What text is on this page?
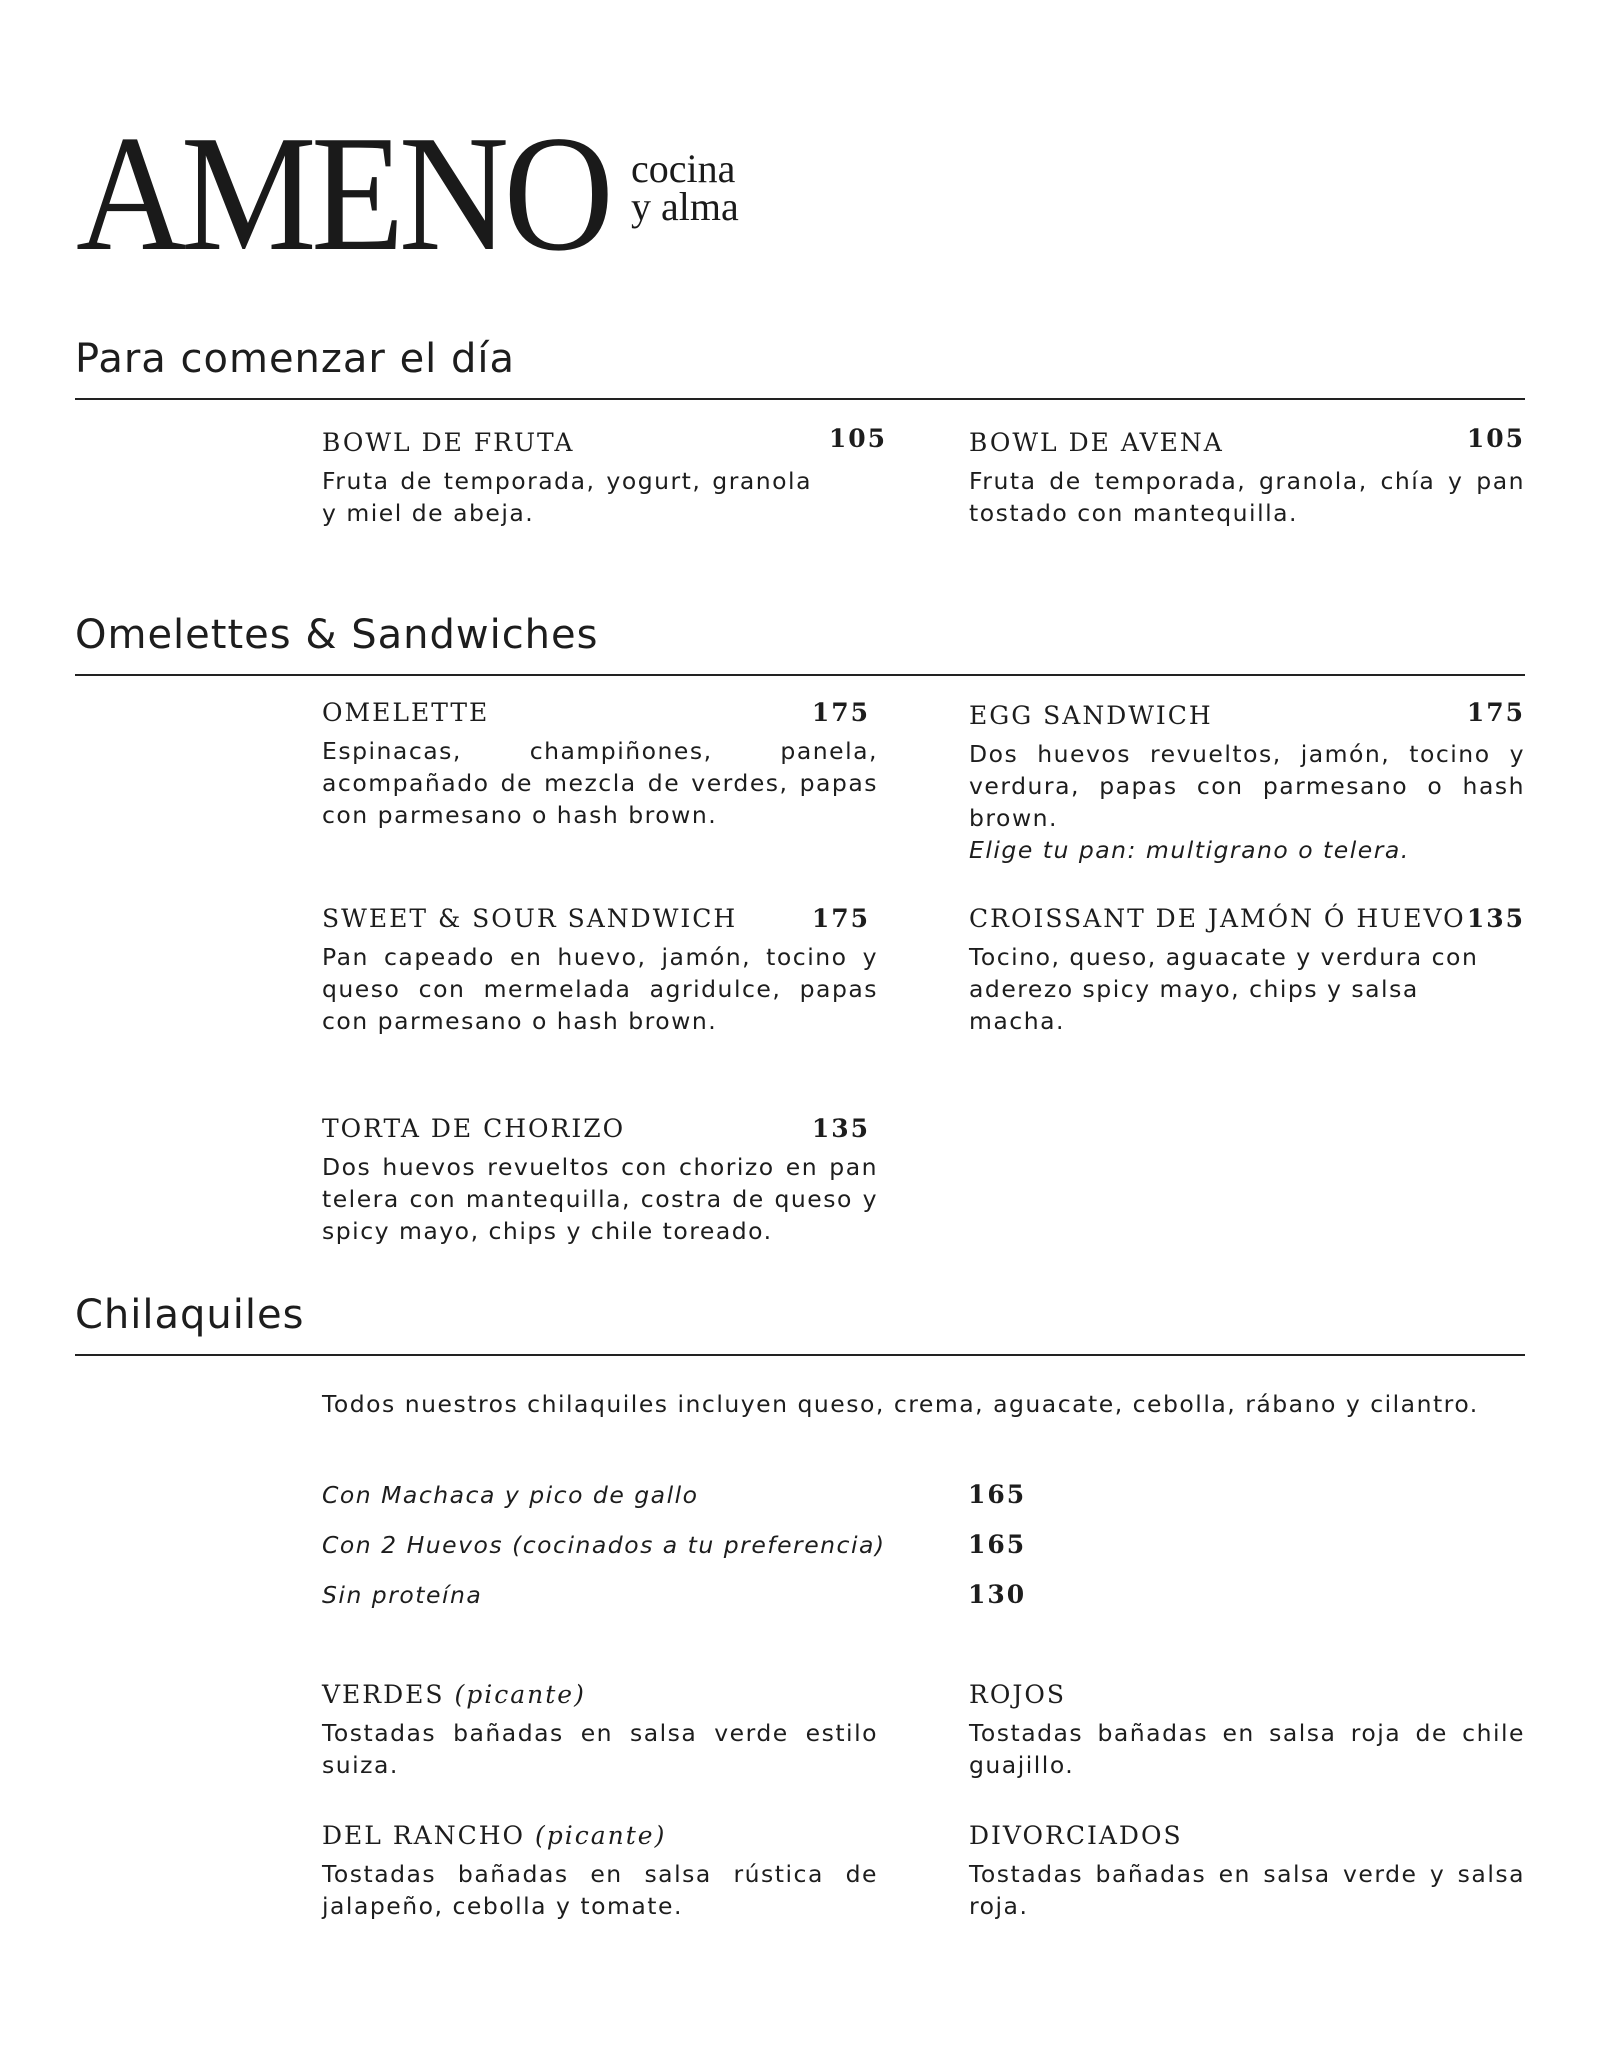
AMENO cocina
y alma
Para comenzar el día
BOWL DE FRUTA	105
Fruta de temporada, yogurt, granola y miel de abeja.
BOWL DE AVENA	105
Fruta de temporada, granola, chía y pan tostado con mantequilla.
Omelettes & Sandwiches
OMELETTE	175
Espinacas, champiñones, panela, acompañado de mezcla de verdes, papas con parmesano o hash brown.
EGG SANDWICH	175
Dos huevos revueltos, jamón, tocino y verdura, papas con parmesano o hash brown.
Elige tu pan: multigrano o telera.
SWEET & SOUR SANDWICH	175
Pan capeado en huevo, jamón, tocino y queso con mermelada agridulce, papas con parmesano o hash brown.
CROISSANT DE JAMÓN Ó HUEVO 135
Tocino, queso, aguacate y verdura con aderezo spicy mayo, chips y salsa macha.
TORTA DE CHORIZO	135
Dos huevos revueltos con chorizo en pan telera con mantequilla, costra de queso y spicy mayo, chips y chile toreado.
Chilaquiles
Todos nuestros chilaquiles incluyen queso, crema, aguacate, cebolla, rábano y cilantro.
Con Machaca y pico de gallo	165
Con 2 Huevos (cocinados a tu preferencia)	165
Sin proteína	130
VERDES (picante)
Tostadas bañadas en salsa verde estilo suiza.
ROJOS
Tostadas bañadas en salsa roja de chile guajillo.
DEL RANCHO (picante)
Tostadas bañadas en salsa rústica de jalapeño, cebolla y tomate.
DIVORCIADOS
Tostadas bañadas en salsa verde y salsa roja.
